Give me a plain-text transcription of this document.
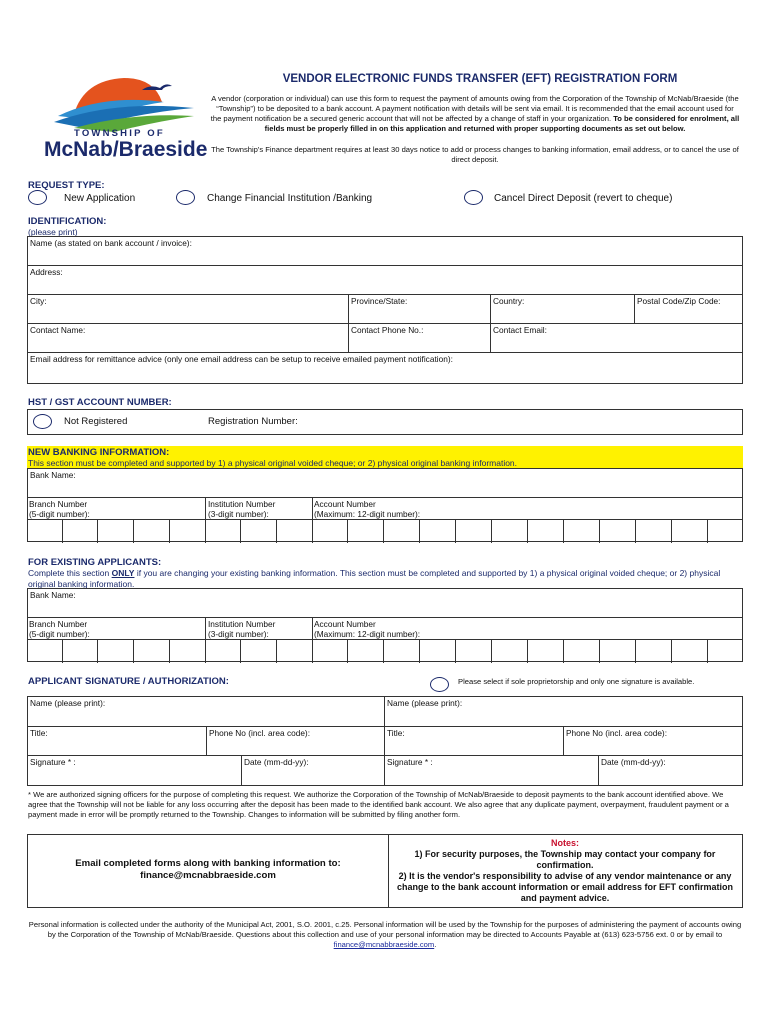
TOWNSHIP OF
McNab/Braeside
VENDOR ELECTRONIC FUNDS TRANSFER (EFT) REGISTRATION FORM
A vendor (corporation or individual) can use this form to request the payment of amounts owing from the Corporation of the Township of McNab/Braeside (the “Township”) to be deposited to a bank account. A payment notification with details will be sent via email. It is recommended that the email account used for the payment notification be a secured generic account that will not be affected by a change of staff in your organization. To be considered for enrolment, all fields must be properly filled in on this application and returned with proper supporting documents as set out below.
The Township's Finance department requires at least 30 days notice to add or process changes to banking information, email address, or to cancel the use of direct deposit.
REQUEST TYPE:
New Application	Change Financial Institution /Banking	Cancel Direct Deposit (revert to cheque)
IDENTIFICATION:
(please print)
Name (as stated on bank account / invoice):
Address:
City:	Province/State:	Country:	Postal Code/Zip Code:
Contact Name:	Contact Phone No.:	Contact Email:
Email address for remittance advice (only one email address can be setup to receive emailed payment notification):
HST / GST ACCOUNT NUMBER:
Not Registered	Registration Number:
NEW BANKING INFORMATION:
This section must be completed and supported by 1) a physical original voided cheque; or 2) physical original banking information.
Bank Name:
Branch Number
(5-digit number):
Institution Number
(3-digit number):
Account Number
(Maximum: 12-digit number):
FOR EXISTING APPLICANTS:
Complete this section ONLY if you are changing your existing banking information. This section must be completed and supported by 1) a physical original voided cheque; or 2) physical original banking information.
Bank Name:
Branch Number
(5-digit number):
Institution Number
(3-digit number):
Account Number
(Maximum: 12-digit number):
APPLICANT SIGNATURE / AUTHORIZATION:	Please select if sole proprietorship and only one signature is available.
Name (please print):	Name (please print):
Title:	Phone No (incl. area code):	Title:	Phone No (incl. area code):
Signature * :	Date (mm-dd-yy):	Signature * :	Date (mm-dd-yy):
* We are authorized signing officers for the purpose of completing this request. We authorize the Corporation of the Township of McNab/Braeside to deposit payments to the bank account identified above. We agree that the Township will not be liable for any loss occurring after the deposit has been made to the identified bank account. We also agree that any duplicate payment, overpayment, fraudulent payment or a payment made in error will be promptly returned to the Township. Changes to information will be submitted by filing another form.
Email completed forms along with banking information to:
finance@mcnabbraeside.com
Notes:
1) For security purposes, the Township may contact your company for confirmation.
2) It is the vendor's responsibility to advise of any vendor maintenance or any change to the bank account information or email address for EFT confirmation and payment advice.
Personal information is collected under the authority of the Municipal Act, 2001, S.O. 2001, c.25. Personal information will be used by the Township for the purposes of administering the payment of accounts owing by the Corporation of the Township of McNab/Braeside. Questions about this collection and use of your personal information may be directed to Accounts Payable at (613) 623-5756 ext. 0 or by email to finance@mcnabbraeside.com.
